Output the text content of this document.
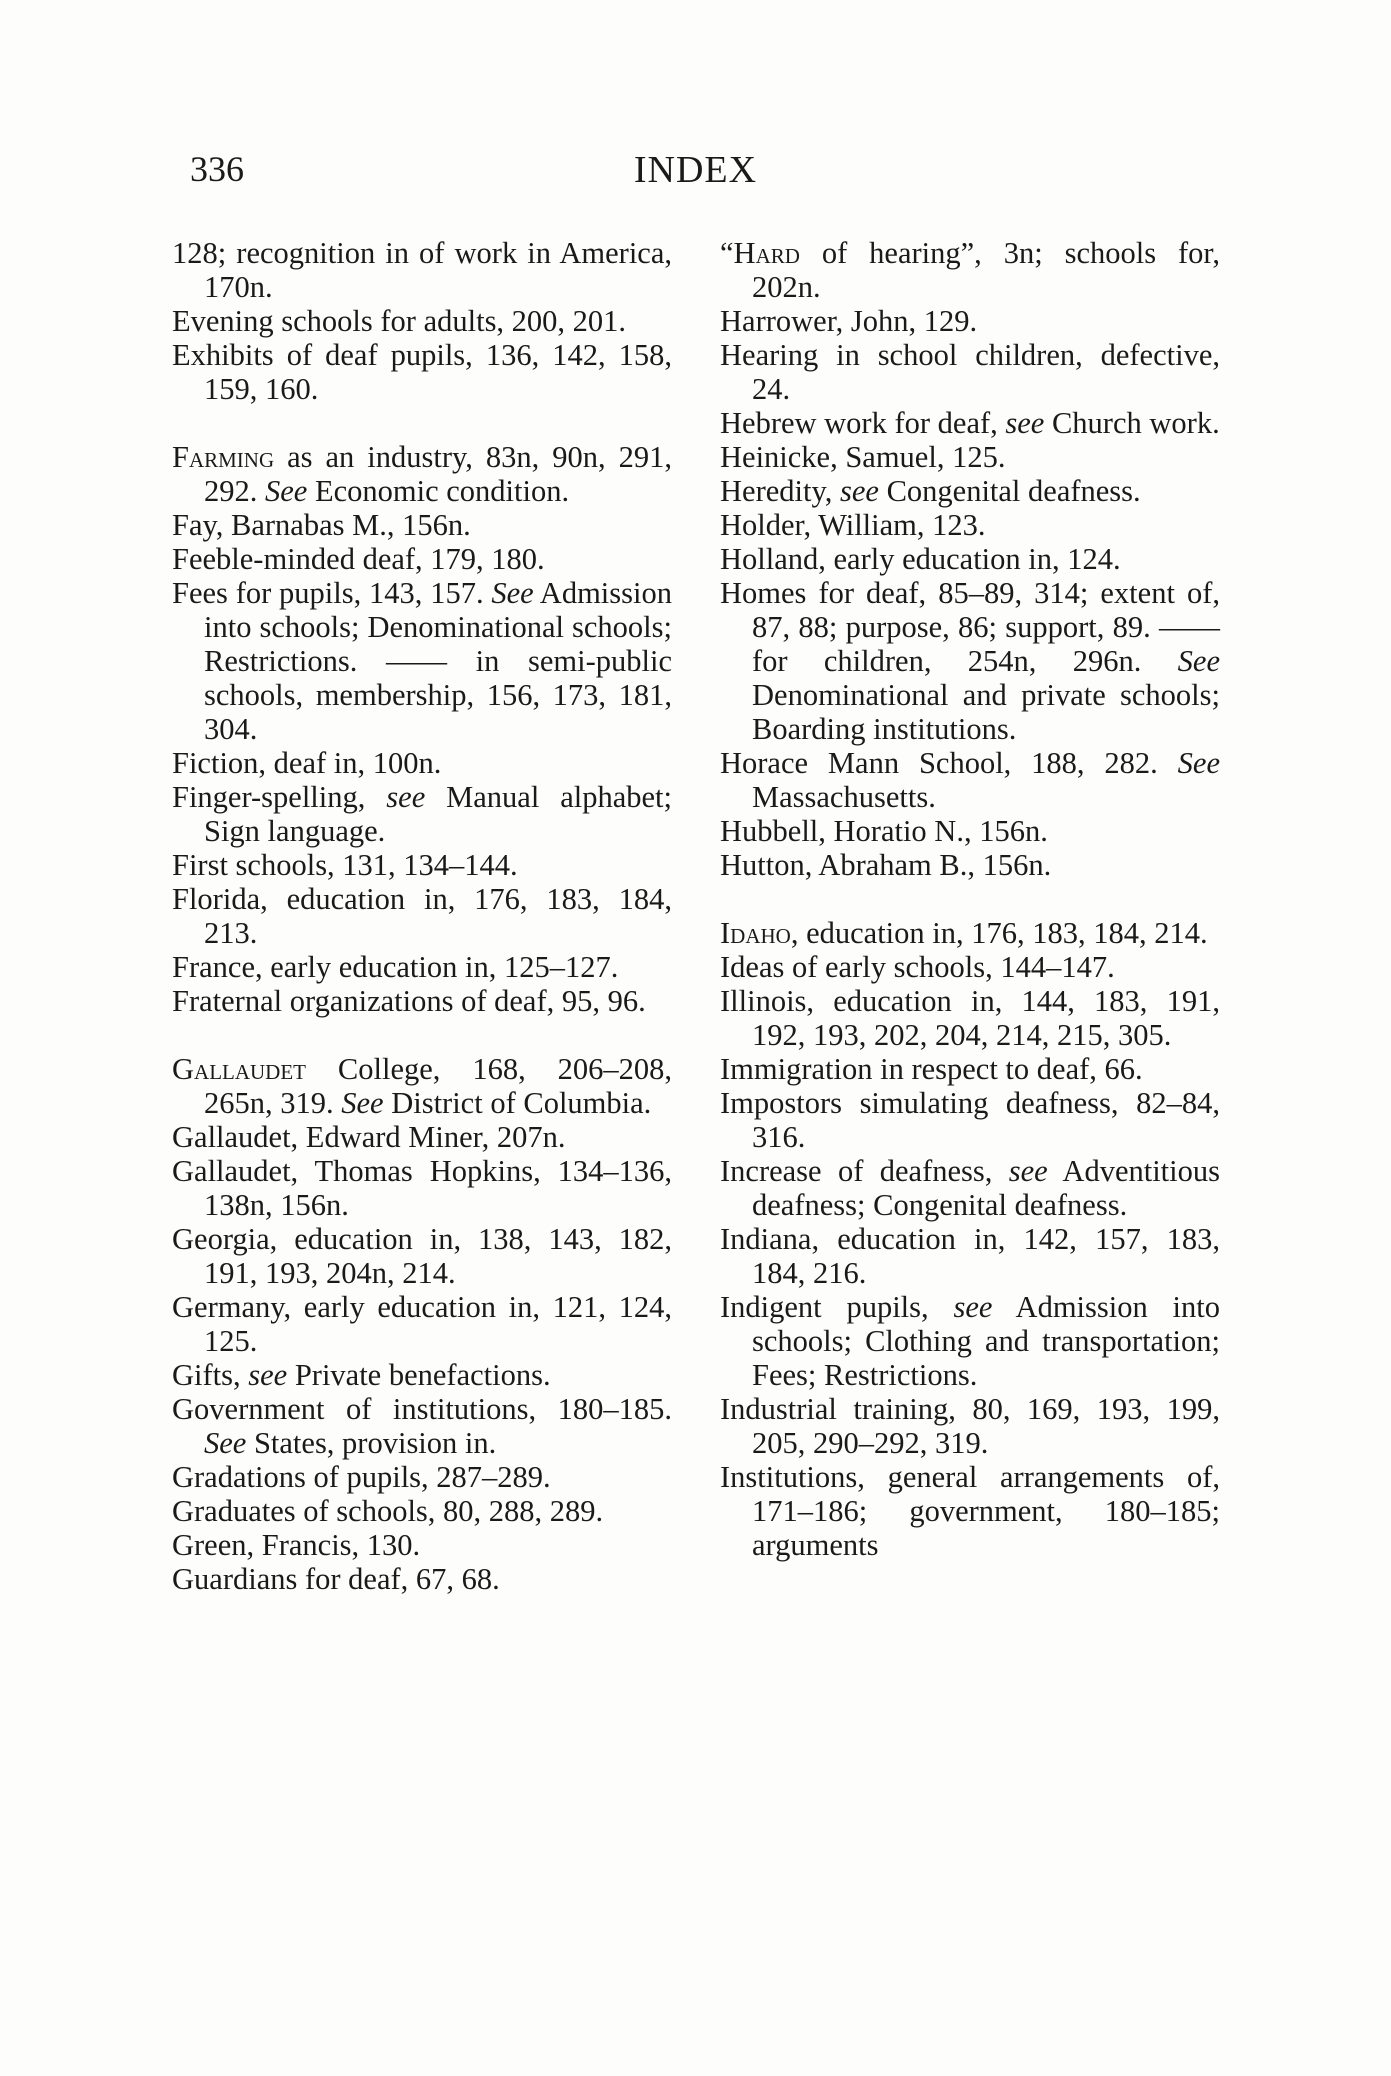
336	INDEX
128; recognition in of work in America, 170n.
Evening schools for adults, 200, 201.
Exhibits of deaf pupils, 136, 142, 158, 159, 160.
Farming as an industry, 83n, 90n, 291, 292. See Economic condition.
Fay, Barnabas M., 156n.
Feeble-minded deaf, 179, 180.
Fees for pupils, 143, 157. See Admission into schools; Denominational schools; Restrictions. —— in semi-public schools, membership, 156, 173, 181, 304.
Fiction, deaf in, 100n.
Finger-spelling, see Manual alphabet; Sign language.
First schools, 131, 134–144.
Florida, education in, 176, 183, 184, 213.
France, early education in, 125–127.
Fraternal organizations of deaf, 95, 96.
Gallaudet College, 168, 206–208, 265n, 319. See District of Columbia.
Gallaudet, Edward Miner, 207n.
Gallaudet, Thomas Hopkins, 134–136, 138n, 156n.
Georgia, education in, 138, 143, 182, 191, 193, 204n, 214.
Germany, early education in, 121, 124, 125.
Gifts, see Private benefactions.
Government of institutions, 180–185. See States, provision in.
Gradations of pupils, 287–289.
Graduates of schools, 80, 288, 289.
Green, Francis, 130.
Guardians for deaf, 67, 68.
“Hard of hearing”, 3n; schools for, 202n.
Harrower, John, 129.
Hearing in school children, defective, 24.
Hebrew work for deaf, see Church work.
Heinicke, Samuel, 125.
Heredity, see Congenital deafness.
Holder, William, 123.
Holland, early education in, 124.
Homes for deaf, 85–89, 314; extent of, 87, 88; purpose, 86; support, 89. —— for children, 254n, 296n. See Denominational and private schools; Boarding institutions.
Horace Mann School, 188, 282. See Massachusetts.
Hubbell, Horatio N., 156n.
Hutton, Abraham B., 156n.
Idaho, education in, 176, 183, 184, 214.
Ideas of early schools, 144–147.
Illinois, education in, 144, 183, 191, 192, 193, 202, 204, 214, 215, 305.
Immigration in respect to deaf, 66.
Impostors simulating deafness, 82–84, 316.
Increase of deafness, see Adventitious deafness; Congenital deafness.
Indiana, education in, 142, 157, 183, 184, 216.
Indigent pupils, see Admission into schools; Clothing and transportation; Fees; Restrictions.
Industrial training, 80, 169, 193, 199, 205, 290–292, 319.
Institutions, general arrangements of, 171–186; government, 180–185; arguments
